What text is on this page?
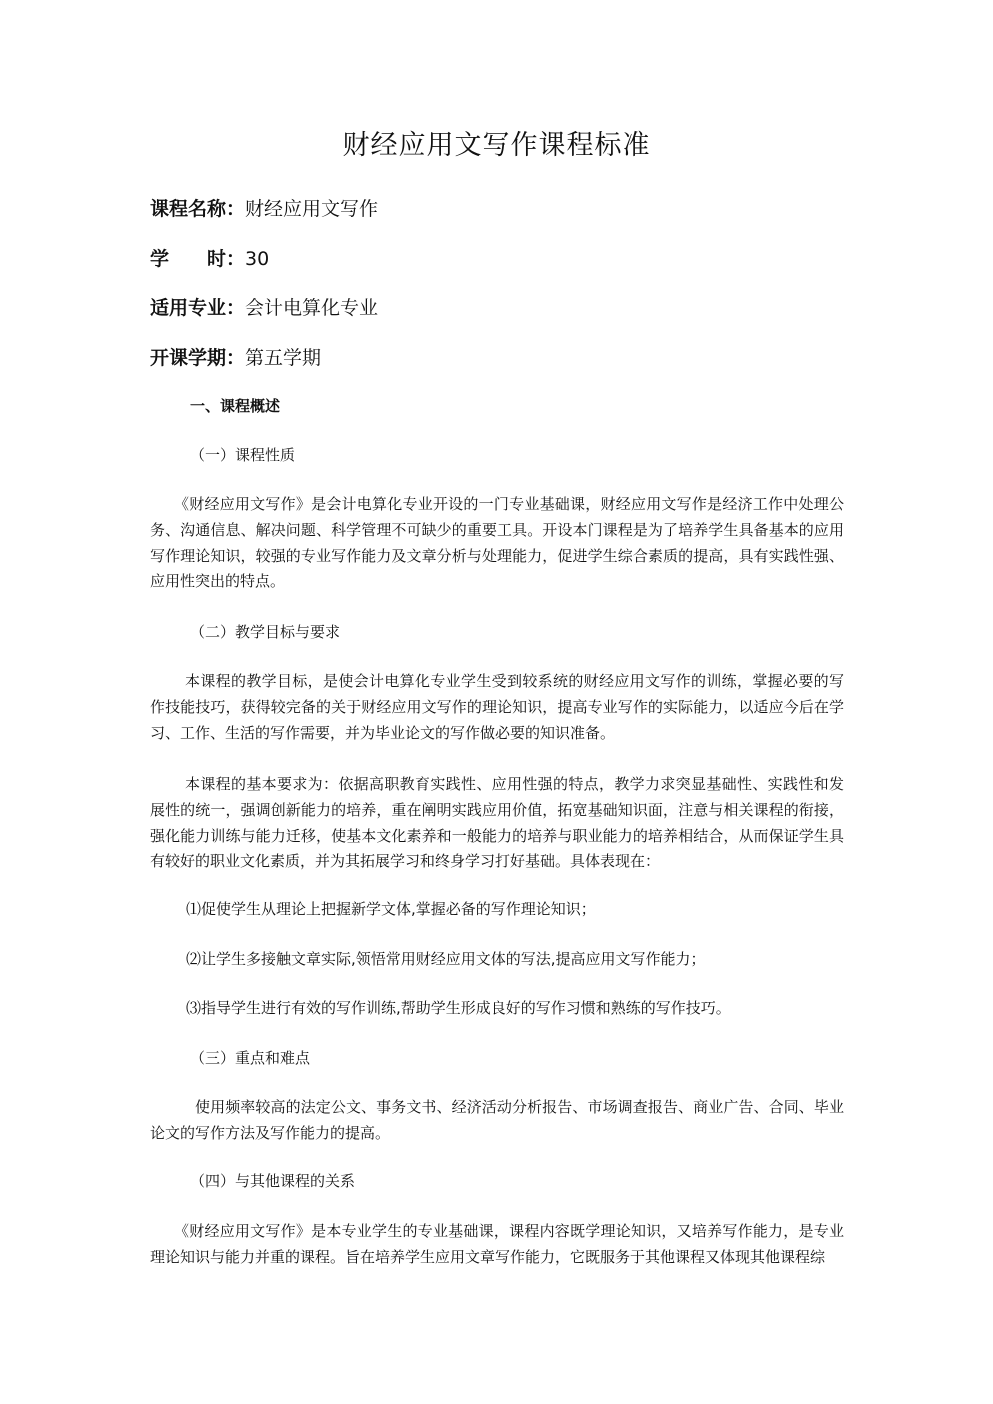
财经应用文写作课程标准
课程名称：财经应用文写作
学 时：30
适用专业：会计电算化专业
开课学期：第五学期
一、课程概述
（一）课程性质
《财经应用文写作》是会计电算化专业开设的一门专业基础课，财经应用文写作是经济工作中处理公务、沟通信息、解决问题、科学管理不可缺少的重要工具。开设本门课程是为了培养学生具备基本的应用写作理论知识，较强的专业写作能力及文章分析与处理能力，促进学生综合素质的提高，具有实践性强、应用性突出的特点。
（二）教学目标与要求
本课程的教学目标，是使会计电算化专业学生受到较系统的财经应用文写作的训练，掌握必要的写作技能技巧，获得较完备的关于财经应用文写作的理论知识，提高专业写作的实际能力，以适应今后在学习、工作、生活的写作需要，并为毕业论文的写作做必要的知识准备。
本课程的基本要求为：依据高职教育实践性、应用性强的特点，教学力求突显基础性、实践性和发展性的统一，强调创新能力的培养，重在阐明实践应用价值，拓宽基础知识面，注意与相关课程的衔接，强化能力训练与能力迁移，使基本文化素养和一般能力的培养与职业能力的培养相结合，从而保证学生具有较好的职业文化素质，并为其拓展学习和终身学习打好基础。具体表现在：
⑴促使学生从理论上把握新学文体,掌握必备的写作理论知识；
⑵让学生多接触文章实际,领悟常用财经应用文体的写法,提高应用文写作能力；
⑶指导学生进行有效的写作训练,帮助学生形成良好的写作习惯和熟练的写作技巧。
（三）重点和难点
使用频率较高的法定公文、事务文书、经济活动分析报告、市场调查报告、商业广告、合同、毕业论文的写作方法及写作能力的提高。
（四）与其他课程的关系
《财经应用文写作》是本专业学生的专业基础课，课程内容既学理论知识，又培养写作能力，是专业理论知识与能力并重的课程。旨在培养学生应用文章写作能力，它既服务于其他课程又体现其他课程综
